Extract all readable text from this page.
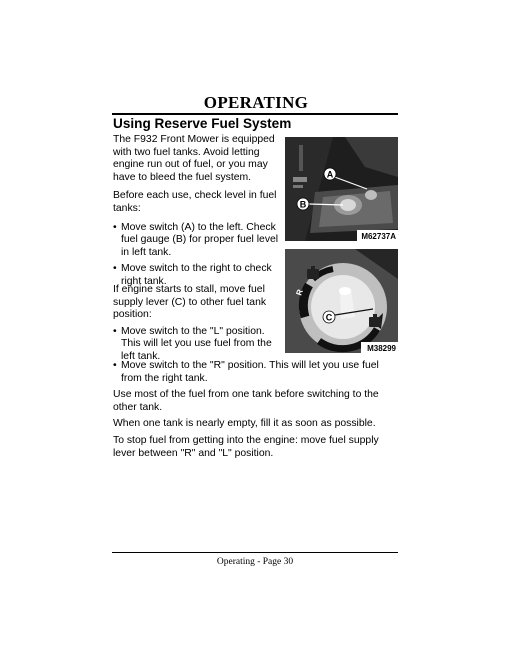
OPERATING
Using Reserve Fuel System

The F932 Front Mower is equipped with two fuel tanks. Avoid letting engine run out of fuel, or you may have to bleed the fuel system.

Before each use, check level in fuel tanks:

• Move switch (A) to the left. Check fuel gauge (B) for proper fuel level in left tank.
• Move switch to the right to check right tank.

If engine starts to stall, move fuel supply lever (C) to other fuel tank position:

• Move switch to the "L" position. This will let you use fuel from the left tank.
• Move switch to the "R" position. This will let you use fuel from the right tank.

Use most of the fuel from one tank before switching to the other tank.

When one tank is nearly empty, fill it as soon as possible.

To stop fuel from getting into the engine: move fuel supply lever between "R" and "L" position.

A
B
M62737A
C
R
M38299
Operating - Page 30
